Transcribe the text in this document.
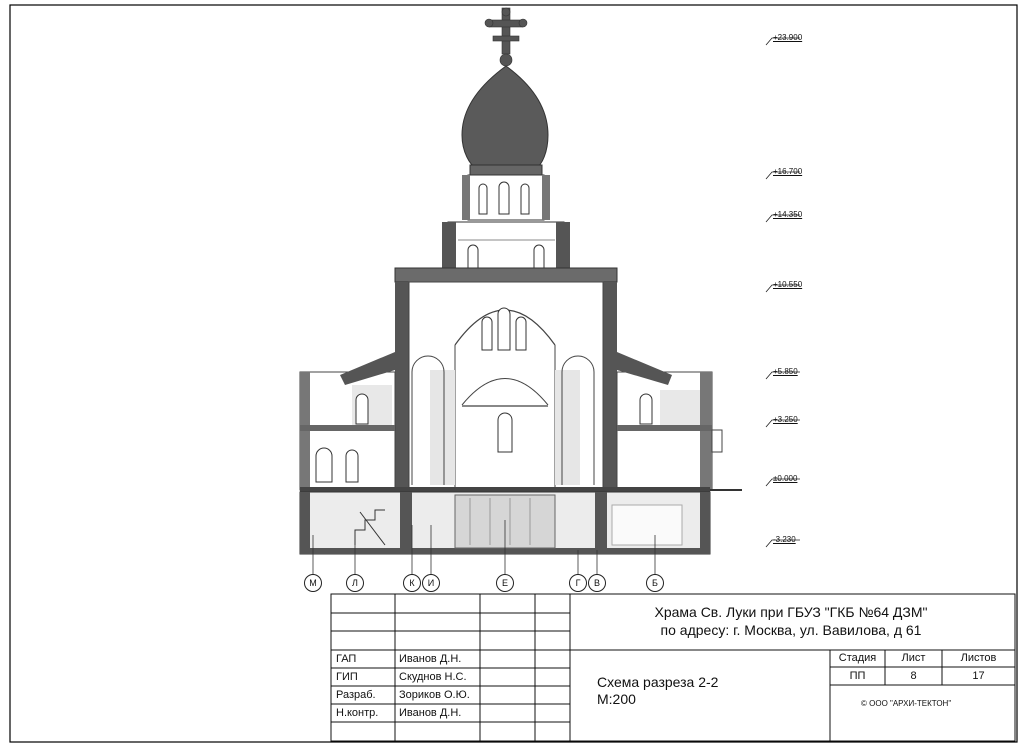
+23.900
+16.700
+14.350
+10.550
+5.850
+3.250
±0.000
-3.230
М	Л	К	И	Е	Г	В	Б
Храма Св. Луки при ГБУЗ "ГКБ №64 ДЗМ"
по адресу: г. Москва, ул. Вавилова, д 61
ГАП	Иванов Д.Н.
ГИП	Скуднов Н.С.
Разраб. Зориков О.Ю.
Н.контр. Иванов Д.Н.
Схема разреза 2-2
М:200
Стадия	Лист	Листов
ПП	8	17
© ООО "АРХИ-ТЕКТОН"
